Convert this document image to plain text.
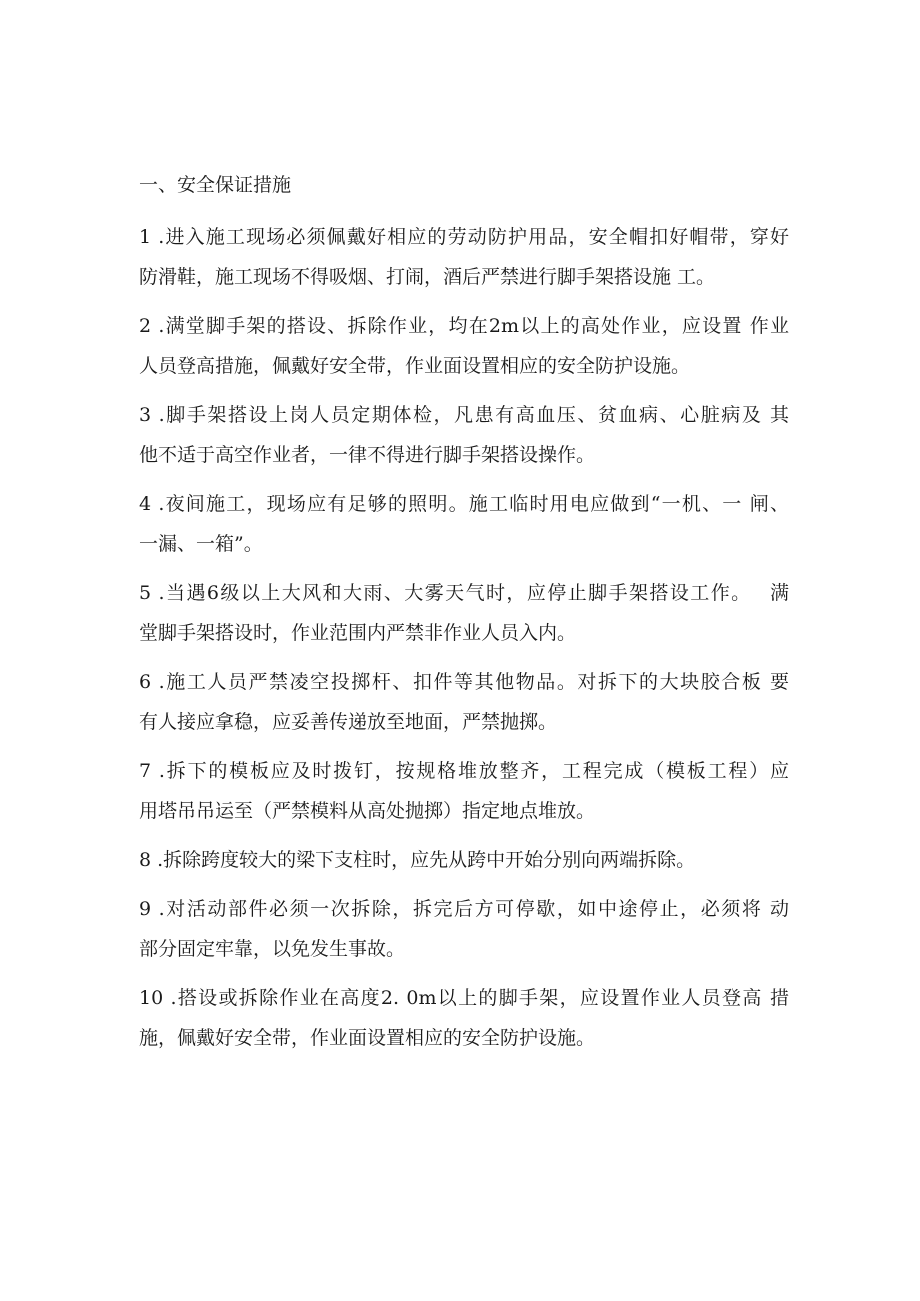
一、安全保证措施
1 .进入施工现场必须佩戴好相应的劳动防护用品，安全帽扣好帽带，穿好
防滑鞋，施工现场不得吸烟、打闹，酒后严禁进行脚手架搭设施 工。
2 .满堂脚手架的搭设、拆除作业，均在2m以上的高处作业，应设置 作业
人员登高措施，佩戴好安全带，作业面设置相应的安全防护设施。
3 .脚手架搭设上岗人员定期体检，凡患有高血压、贫血病、心脏病及 其
他不适于高空作业者，一律不得进行脚手架搭设操作。
4 .夜间施工，现场应有足够的照明。施工临时用电应做到“一机、一 闸、
一漏、一箱”。
5 .当遇6级以上大风和大雨、大雾天气时，应停止脚手架搭设工作。　 满
堂脚手架搭设时，作业范围内严禁非作业人员入内。
6 .施工人员严禁凌空投掷杆、扣件等其他物品。对拆下的大块胶合板 要
有人接应拿稳，应妥善传递放至地面，严禁抛掷。
7 .拆下的模板应及时拨钉，按规格堆放整齐，工程完成（模板工程）应
用塔吊吊运至（严禁模料从高处抛掷）指定地点堆放。
8 .拆除跨度较大的梁下支柱时，应先从跨中开始分别向两端拆除。
9 .对活动部件必须一次拆除，拆完后方可停歇，如中途停止，必须将 动
部分固定牢靠，以免发生事故。
10 .搭设或拆除作业在高度2. 0m以上的脚手架，应设置作业人员登高 措
施，佩戴好安全带，作业面设置相应的安全防护设施。
